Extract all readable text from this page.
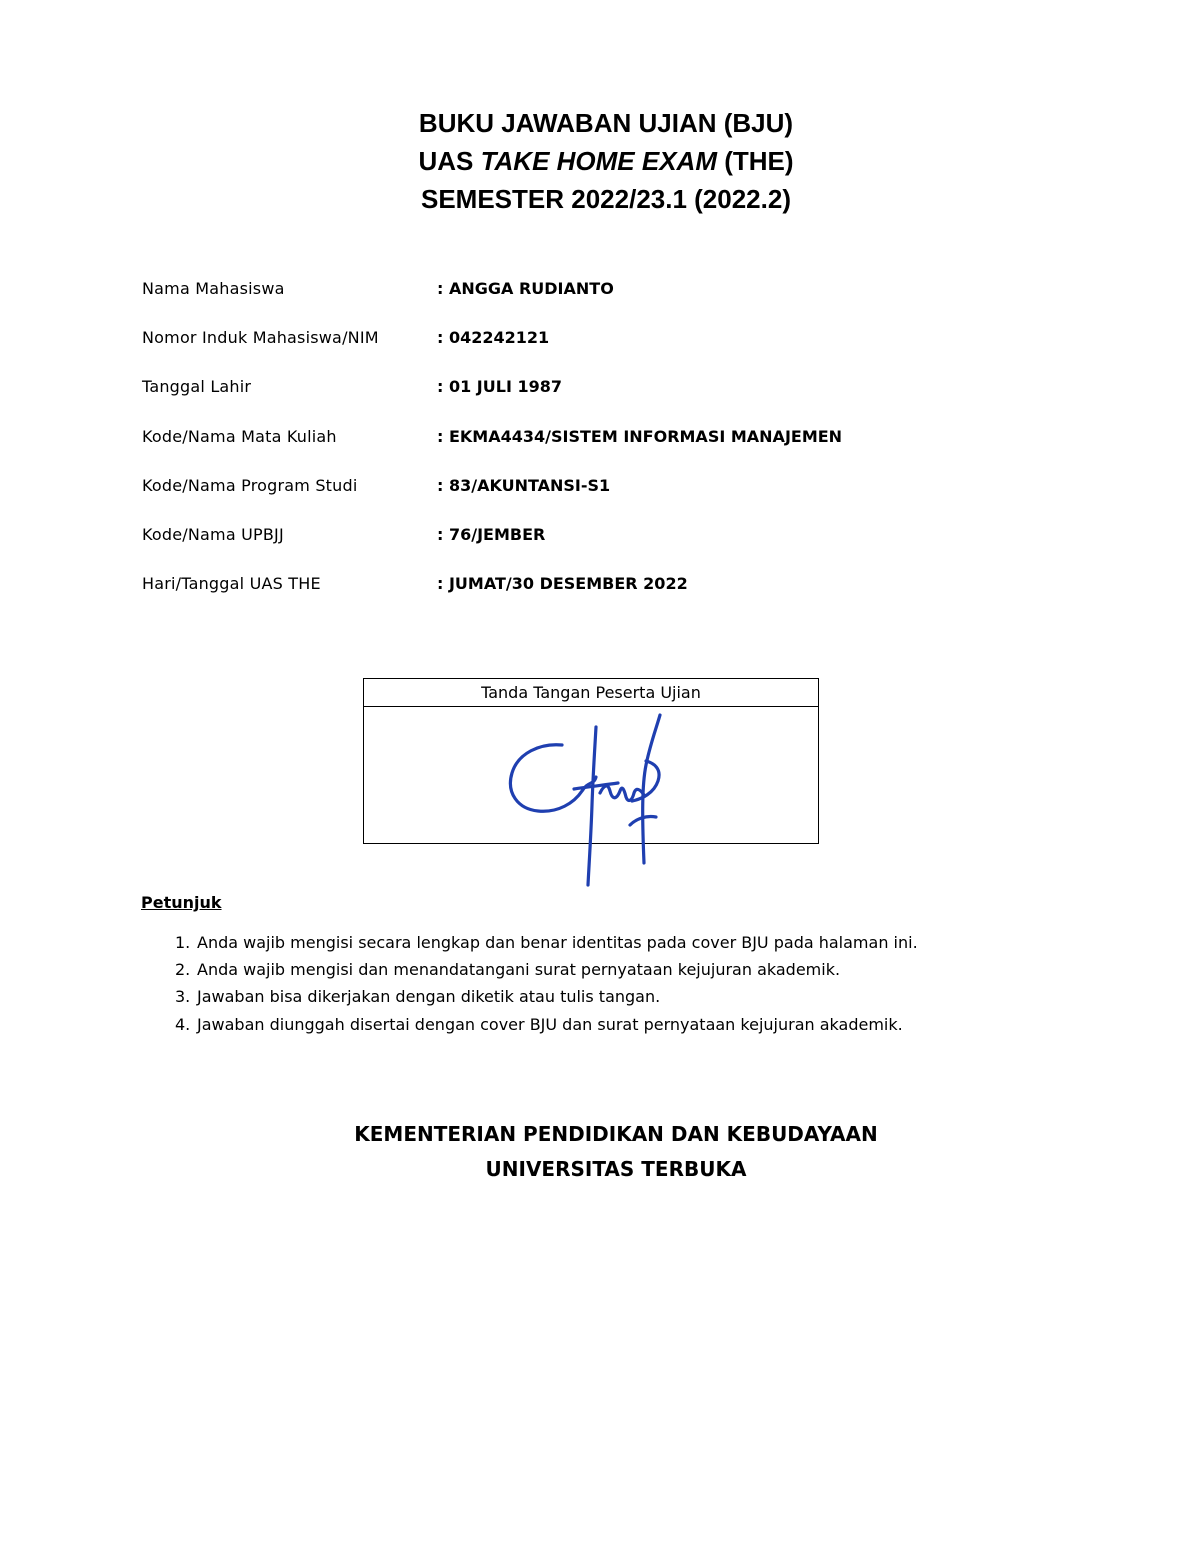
BUKU JAWABAN UJIAN (BJU)
UAS TAKE HOME EXAM (THE)
SEMESTER 2022/23.1 (2022.2)
Nama Mahasiswa	: ANGGA RUDIANTO
Nomor Induk Mahasiswa/NIM	: 042242121
Tanggal Lahir	: 01 JULI 1987
Kode/Nama Mata Kuliah	: EKMA4434/SISTEM INFORMASI MANAJEMEN
Kode/Nama Program Studi	: 83/AKUNTANSI-S1
Kode/Nama UPBJJ	: 76/JEMBER
Hari/Tanggal UAS THE	: JUMAT/30 DESEMBER 2022
Tanda Tangan Peserta Ujian
Petunjuk
1. Anda wajib mengisi secara lengkap dan benar identitas pada cover BJU pada halaman ini.
2. Anda wajib mengisi dan menandatangani surat pernyataan kejujuran akademik.
3. Jawaban bisa dikerjakan dengan diketik atau tulis tangan.
4. Jawaban diunggah disertai dengan cover BJU dan surat pernyataan kejujuran akademik.
KEMENTERIAN PENDIDIKAN DAN KEBUDAYAAN
UNIVERSITAS TERBUKA
